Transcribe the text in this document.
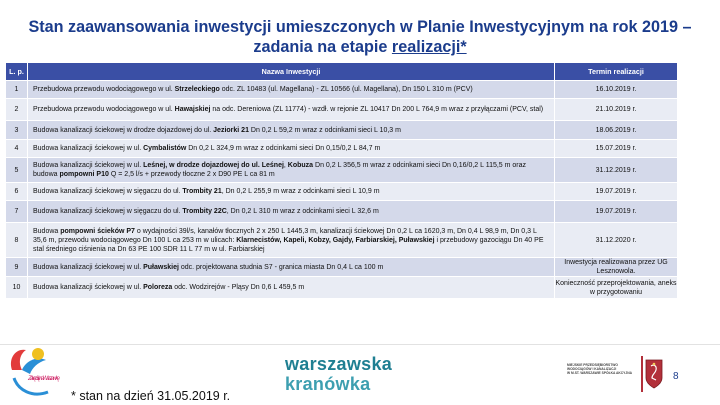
Stan zaawansowania inwestycji umieszczonych w Planie Inwestycyjnym na rok 2019 –
zadania na etapie realizacji*
L. p.	Nazwa Inwestycji	Termin realizacji
1	Przebudowa przewodu wodociągowego w ul. Strzeleckiego odc. ZL 10483 (ul. Magellana) - ZL 10566 (ul. Magellana), Dn 150 L 310 m (PCV)	16.10.2019 r.
2	Przebudowa przewodu wodociągowego w ul. Hawajskiej na odc. Dereniowa (ZL 11774) - wzdł. w rejonie ZL 10417 Dn 200 L 764,9 m wraz z przyłączami (PCV, stal)	21.10.2019 r.
3	Budowa kanalizacji ściekowej w drodze dojazdowej do ul. Jeziorki 21 Dn 0,2 L 59,2 m wraz z odcinkami sieci L 10,3 m	18.06.2019 r.
4	Budowa kanalizacji ściekowej w ul. Cymbalistów Dn 0,2 L 324,9 m wraz z odcinkami sieci Dn 0,15/0,2 L 84,7 m	15.07.2019 r.
5	Budowa kanalizacji ściekowej w ul. Leśnej, w drodze dojazdowej do ul. Leśnej, Kobuza Dn 0,2 L 356,5 m wraz z odcinkami sieci Dn 0,16/0,2 L 115,5 m oraz budowa pompowni P10 Q = 2,5 l/s + przewody tłoczne 2 x D90 PE L ca 81 m	31.12.2019 r.
6	Budowa kanalizacji ściekowej w sięgaczu do ul. Trombity 21, Dn 0,2 L 255,9 m wraz z odcinkami sieci L 10,9 m	19.07.2019 r.
7	Budowa kanalizacji ściekowej w sięgaczu do ul. Trombity 22C, Dn 0,2 L 310 m wraz z odcinkami sieci L 32,6 m	19.07.2019 r.
8	Budowa pompowni ścieków P7 o wydajności 39l/s, kanałów tłocznych 2 x 250 L 1445,3 m, kanalizacji ściekowej Dn 0,2 L ca 1620,3 m, Dn 0,4 L 98,9 m, Dn 0,3 L 35,6 m, przewodu wodociągowego Dn 100 L ca 253 m w ulicach: Klarnecistów, Kapeli, Kobzy, Gajdy, Farbiarskiej, Puławskiej i przebudowy gazociągu Dn 40 PE stal średniego ciśnienia na Dn 63 PE 100 SDR 11 L 77 m w ul. Farbiarskiej	31.12.2020 r.
9	Budowa kanalizacji ściekowej w ul. Puławskiej odc. projektowana studnia S7 - granica miasta Dn 0,4 L ca 100 m	Inwestycja realizowana przez UG Lesznowola.
10	Budowa kanalizacji ściekowej w ul. Poloreza odc. Wodzirejów - Pląsy Dn 0,6 L 459,5 m	Konieczność przeprojektowania, aneks w przygotowaniu
Zakręć się na Warszawkę
* stan na dzień 31.05.2019 r.
warszawska
kranówka
MIEJSKIE PRZEDSIĘBIORSTWO
WODOCIĄGÓW I KANALIZACJI
W M.ST. WARSZAWIE SPÓŁKA AKCYJNA	8
